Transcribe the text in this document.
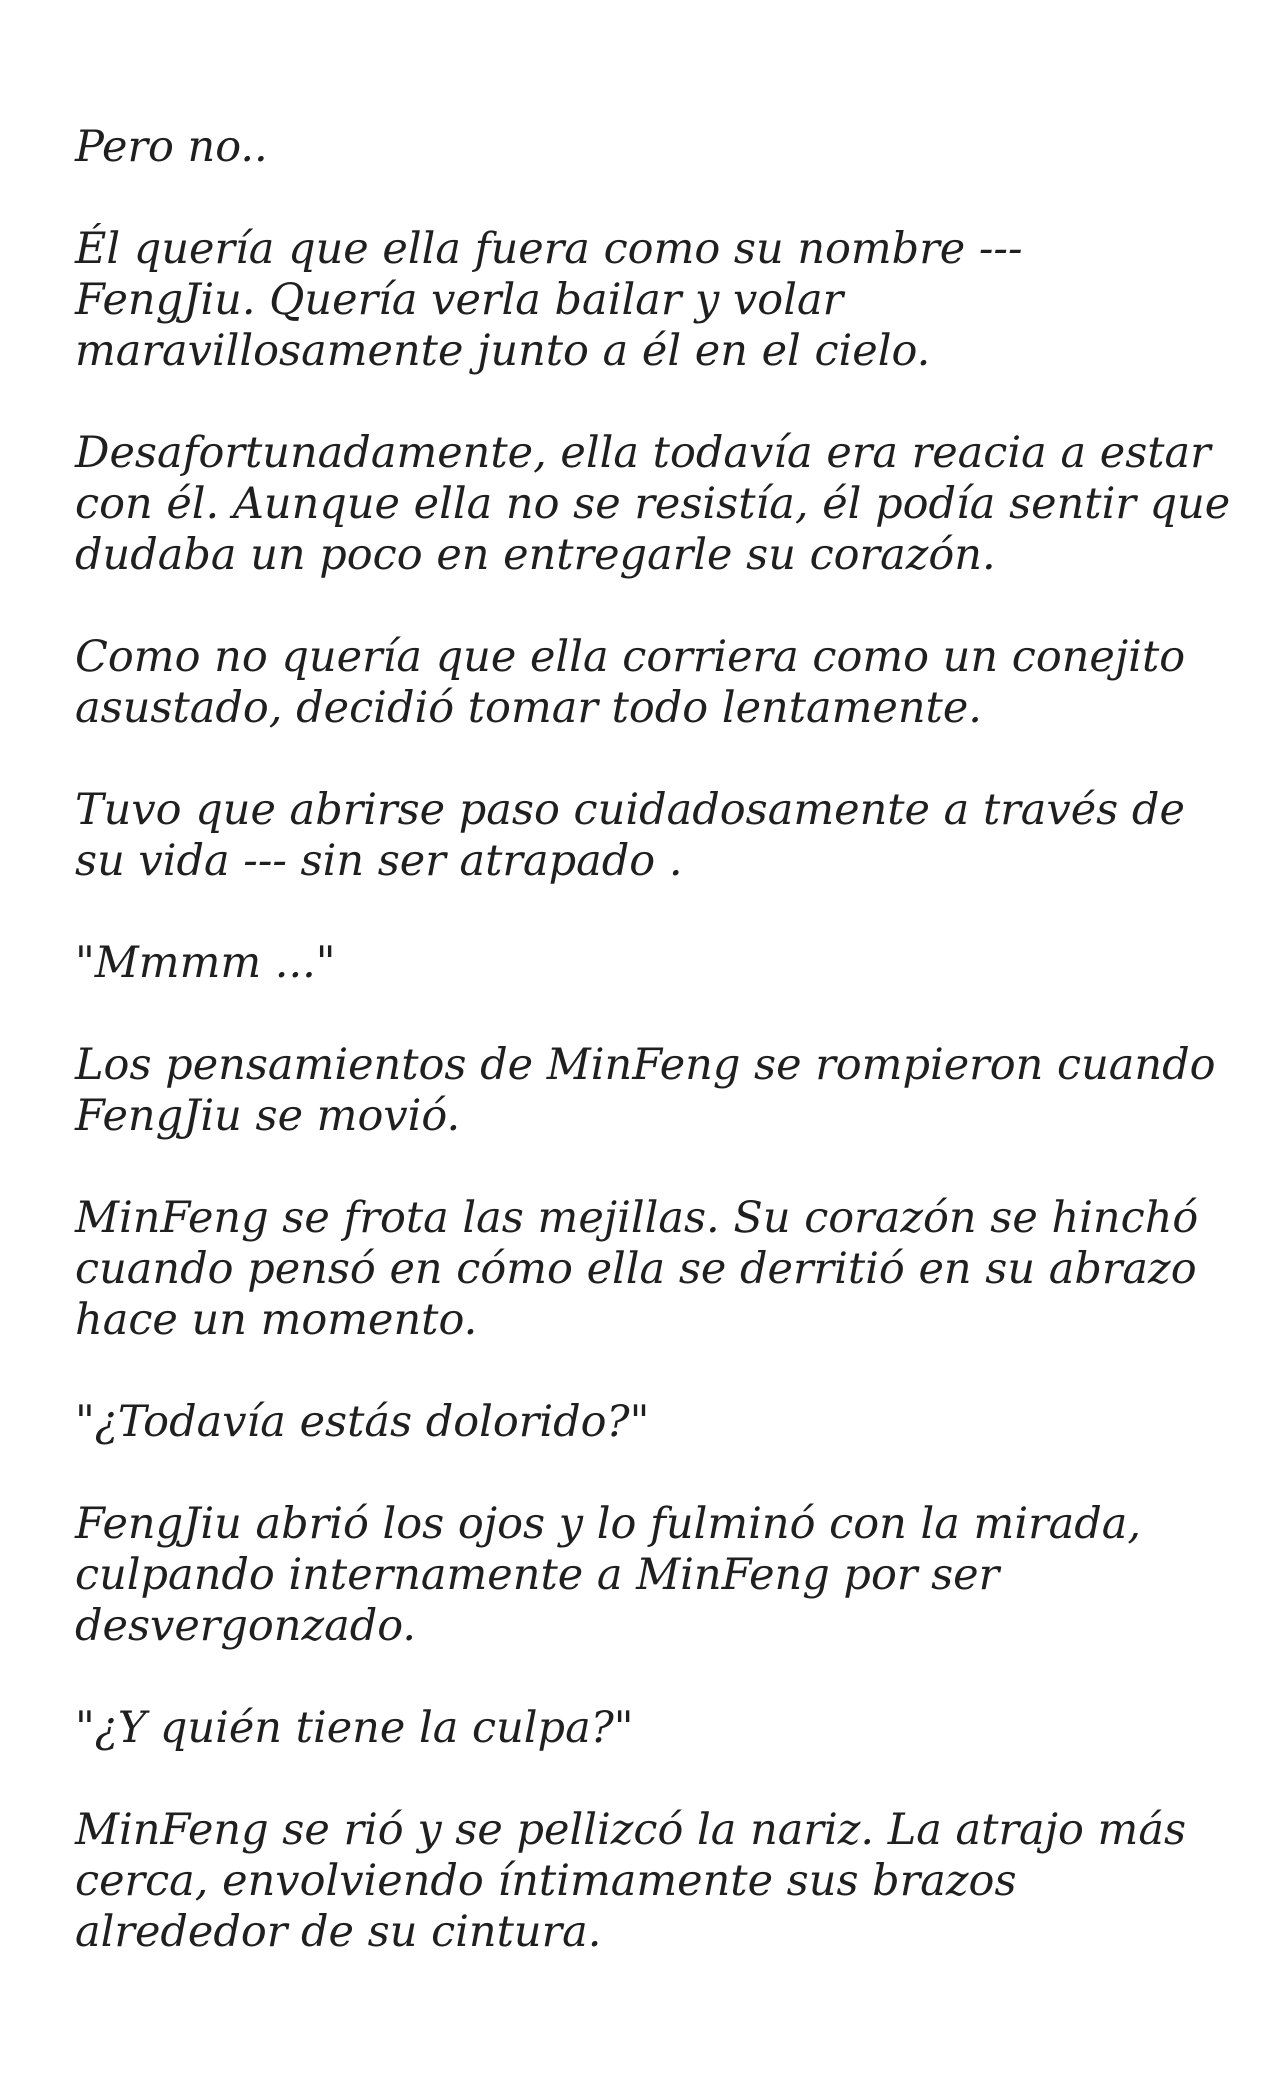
Pero no..

Él quería que ella fuera como su nombre ---
FengJiu. Quería verla bailar y volar
maravillosamente junto a él en el cielo.

Desafortunadamente, ella todavía era reacia a estar
con él. Aunque ella no se resistía, él podía sentir que
dudaba un poco en entregarle su corazón.

Como no quería que ella corriera como un conejito
asustado, decidió tomar todo lentamente.

Tuvo que abrirse paso cuidadosamente a través de
su vida --- sin ser atrapado .

"Mmmm ..."

Los pensamientos de MinFeng se rompieron cuando
FengJiu se movió.

MinFeng se frota las mejillas. Su corazón se hinchó
cuando pensó en cómo ella se derritió en su abrazo
hace un momento.

"¿Todavía estás dolorido?"

FengJiu abrió los ojos y lo fulminó con la mirada,
culpando internamente a MinFeng por ser
desvergonzado.

"¿Y quién tiene la culpa?"

MinFeng se rió y se pellizcó la nariz. La atrajo más
cerca, envolviendo íntimamente sus brazos
alrededor de su cintura.
